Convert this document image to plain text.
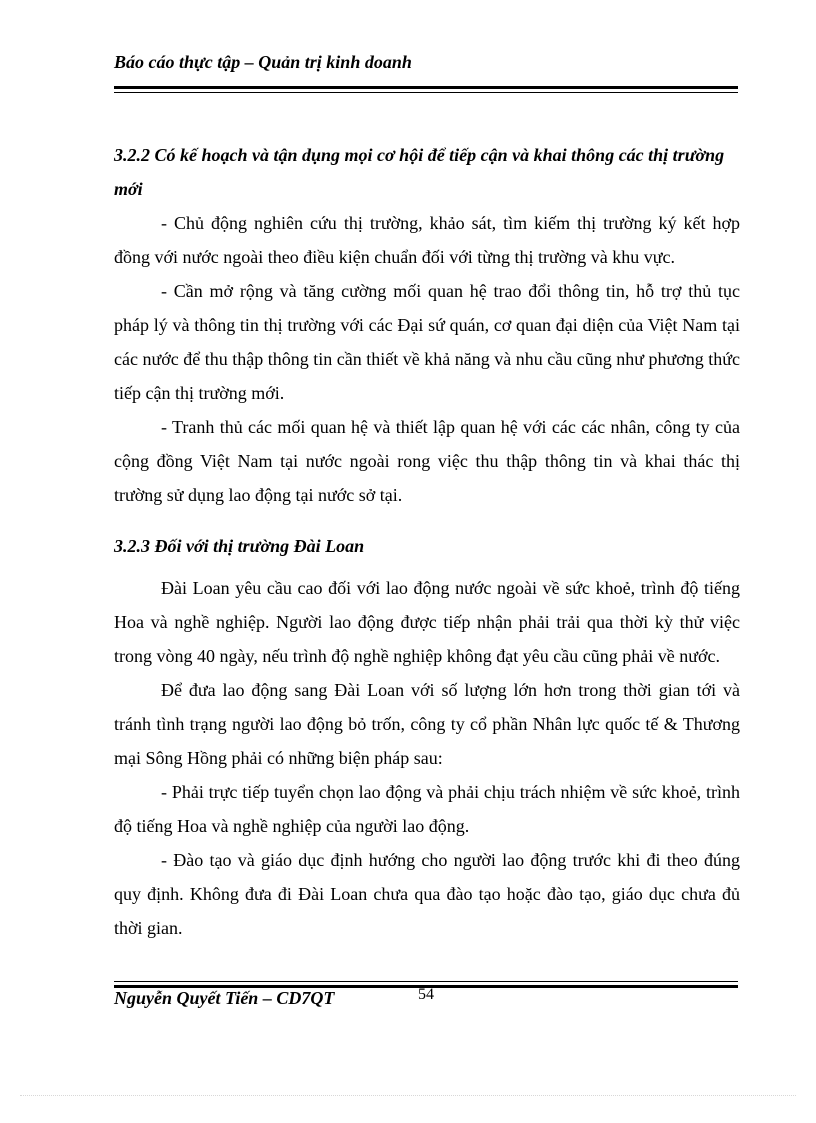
Báo cáo thực tập – Quản trị kinh doanh

3.2.2 Có kế hoạch và tận dụng mọi cơ hội để tiếp cận và khai thông các thị trường mới

- Chủ động nghiên cứu thị trường, khảo sát, tìm kiếm thị trường ký kết hợp đồng với nước ngoài theo điều kiện chuẩn đối với từng thị trường và khu vực.

- Cần mở rộng và tăng cường mối quan hệ trao đổi thông tin, hỗ trợ thủ tục pháp lý và thông tin thị trường với các Đại sứ quán, cơ quan đại diện của Việt Nam tại các nước để thu thập thông tin cần thiết về khả năng và nhu cầu cũng như phương thức tiếp cận thị trường mới.

- Tranh thủ các mối quan hệ và thiết lập quan hệ với các các nhân, công ty của cộng đồng Việt Nam tại nước ngoài rong việc thu thập thông tin và khai thác thị trường sử dụng lao động tại nước sở tại.

3.2.3 Đối với thị trường Đài Loan

Đài Loan yêu cầu cao đối với lao động nước ngoài về sức khoẻ, trình độ tiếng Hoa và nghề nghiệp. Người lao động được tiếp nhận phải trải qua thời kỳ thử việc trong vòng 40 ngày, nếu trình độ nghề nghiệp không đạt yêu cầu cũng phải về nước.

Để đưa lao động sang Đài Loan với số lượng lớn hơn trong thời gian tới và tránh tình trạng người lao động bỏ trốn, công ty cổ phần Nhân lực quốc tế & Thương mại Sông Hồng phải có những biện pháp sau:

- Phải trực tiếp tuyển chọn lao động và phải chịu trách nhiệm về sức khoẻ, trình độ tiếng Hoa và nghề nghiệp của người lao động.

- Đào tạo và giáo dục định hướng cho người lao động trước khi đi theo đúng quy định. Không đưa đi Đài Loan chưa qua đào tạo hoặc đào tạo, giáo dục chưa đủ thời gian.

Nguyễn Quyết Tiến – CD7QT	54
